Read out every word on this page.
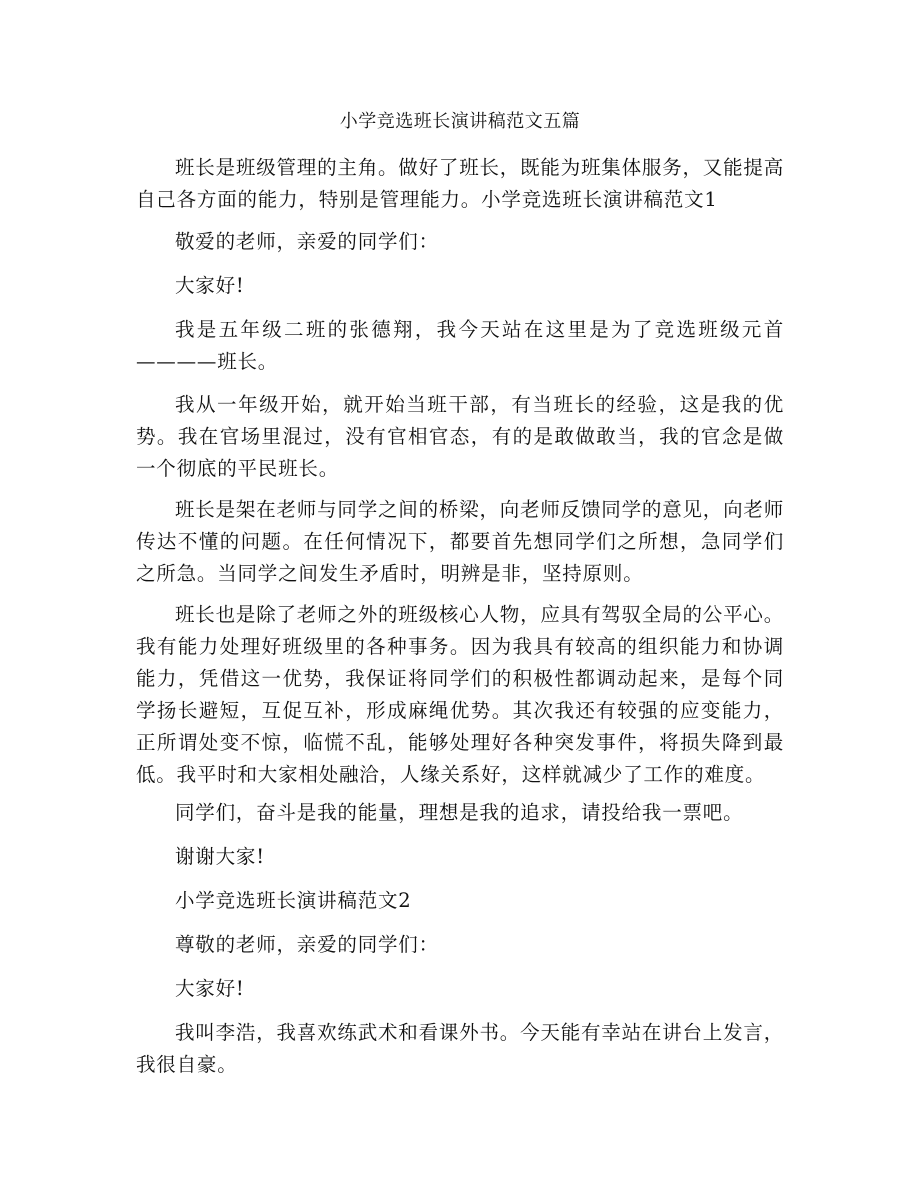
小学竞选班长演讲稿范文五篇

班长是班级管理的主角。做好了班长，既能为班集体服务，又能提高自己各方面的能力，特别是管理能力。小学竞选班长演讲稿范文1

敬爱的老师，亲爱的同学们：

大家好!

我是五年级二班的张德翔，我今天站在这里是为了竞选班级元首————班长。

我从一年级开始，就开始当班干部，有当班长的经验，这是我的优势。我在官场里混过，没有官相官态，有的是敢做敢当，我的官念是做一个彻底的平民班长。

班长是架在老师与同学之间的桥梁，向老师反馈同学的意见，向老师传达不懂的问题。在任何情况下，都要首先想同学们之所想，急同学们之所急。当同学之间发生矛盾时，明辨是非，坚持原则。

班长也是除了老师之外的班级核心人物，应具有驾驭全局的公平心。我有能力处理好班级里的各种事务。因为我具有较高的组织能力和协调能力，凭借这一优势，我保证将同学们的积极性都调动起来，是每个同学扬长避短，互促互补，形成麻绳优势。其次我还有较强的应变能力，正所谓处变不惊，临慌不乱，能够处理好各种突发事件，将损失降到最低。我平时和大家相处融洽，人缘关系好，这样就减少了工作的难度。

同学们，奋斗是我的能量，理想是我的追求，请投给我一票吧。

谢谢大家!

小学竞选班长演讲稿范文2

尊敬的老师，亲爱的同学们：

大家好!

我叫李浩，我喜欢练武术和看课外书。今天能有幸站在讲台上发言，我很自豪。
